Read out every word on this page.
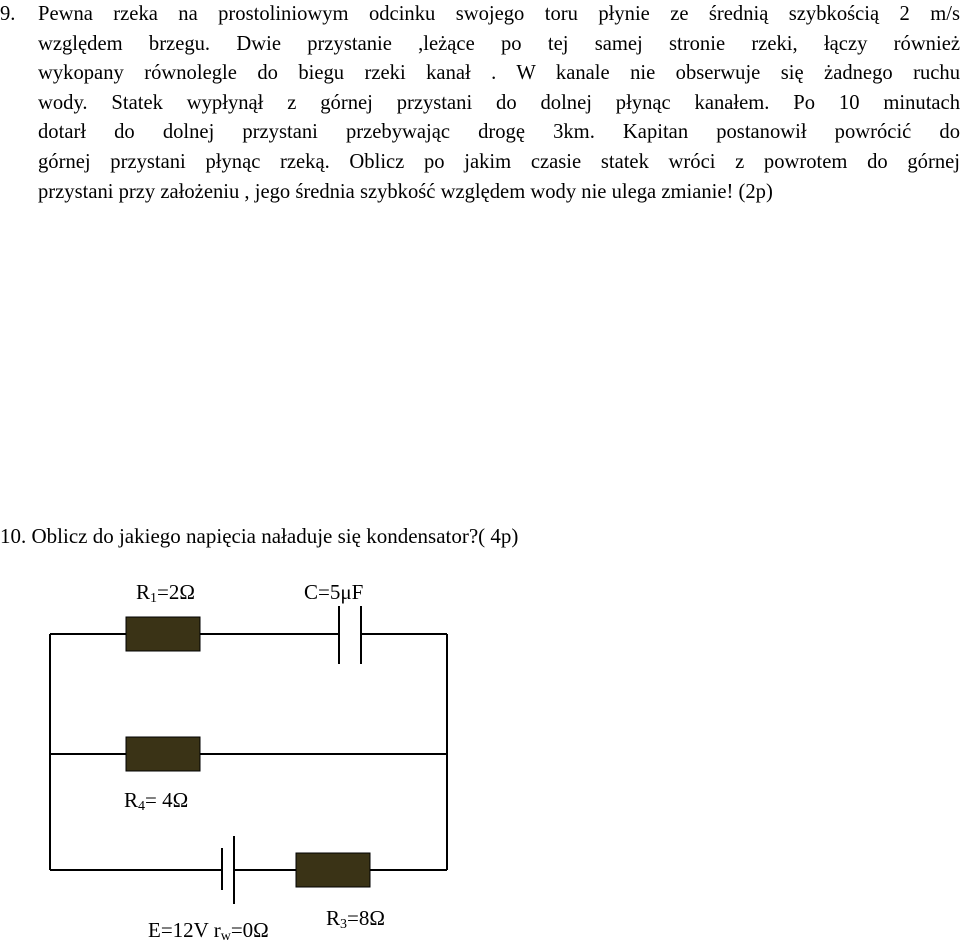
9.	Pewna rzeka na prostoliniowym odcinku swojego toru płynie ze średnią szybkością 2 m/s
względem brzegu. Dwie przystanie ,leżące po tej samej stronie rzeki, łączy również
wykopany równolegle do biegu rzeki kanał . W kanale nie obserwuje się żadnego ruchu
wody. Statek wypłynął z górnej przystani do dolnej płynąc kanałem. Po 10 minutach
dotarł do dolnej przystani przebywając drogę 3km. Kapitan postanowił powrócić do
górnej przystani płynąc rzeką. Oblicz po jakim czasie statek wróci z powrotem do górnej
przystani przy założeniu , jego średnia szybkość względem wody nie ulega zmianie! (2p)
10. Oblicz do jakiego napięcia naładuje się kondensator?( 4p)
$R_1=2\Omega$	C=5μF
$R_4= 4\Omega$
E=12V $r_w=0\Omega$	$R_3=8\Omega$
